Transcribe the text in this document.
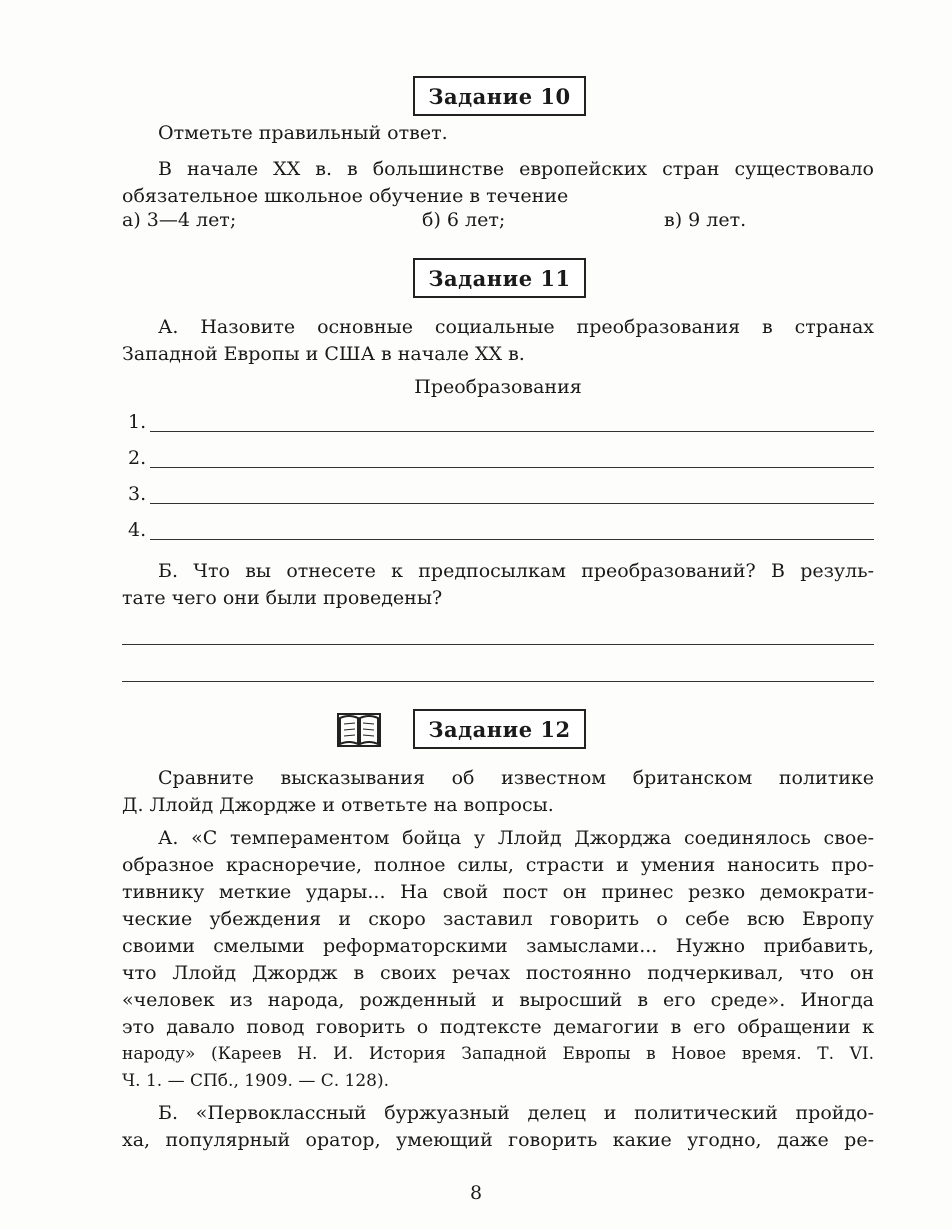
Задание 10
Отметьте правильный ответ.
В начале XX в. в большинстве европейских стран существовало
обязательное школьное обучение в течение
а) 3—4 лет;	б) 6 лет;	в) 9 лет.
Задание 11
А. Назовите основные социальные преобразования в странах
Западной Европы и США в начале XX в.
Преобразования
1.
2.
3.
4.
Б. Что вы отнесете к предпосылкам преобразований? В резуль-
тате чего они были проведены?
Задание 12
Сравните высказывания об известном британском политике
Д. Ллойд Джордже и ответьте на вопросы.
А. «С темпераментом бойца у Ллойд Джорджа соединялось свое-
образное красноречие, полное силы, страсти и умения наносить про-
тивнику меткие удары... На свой пост он принес резко демократи-
ческие убеждения и скоро заставил говорить о себе всю Европу
своими смелыми реформаторскими замыслами... Нужно прибавить,
что Ллойд Джордж в своих речах постоянно подчеркивал, что он
«человек из народа, рожденный и выросший в его среде». Иногда
это давало повод говорить о подтексте демагогии в его обращении к
народу» (Кареев Н. И. История Западной Европы в Новое время. Т. VI.
Ч. 1. — СПб., 1909. — С. 128).
Б. «Первоклассный буржуазный делец и политический пройдо-
ха, популярный оратор, умеющий говорить какие угодно, даже ре-
8
